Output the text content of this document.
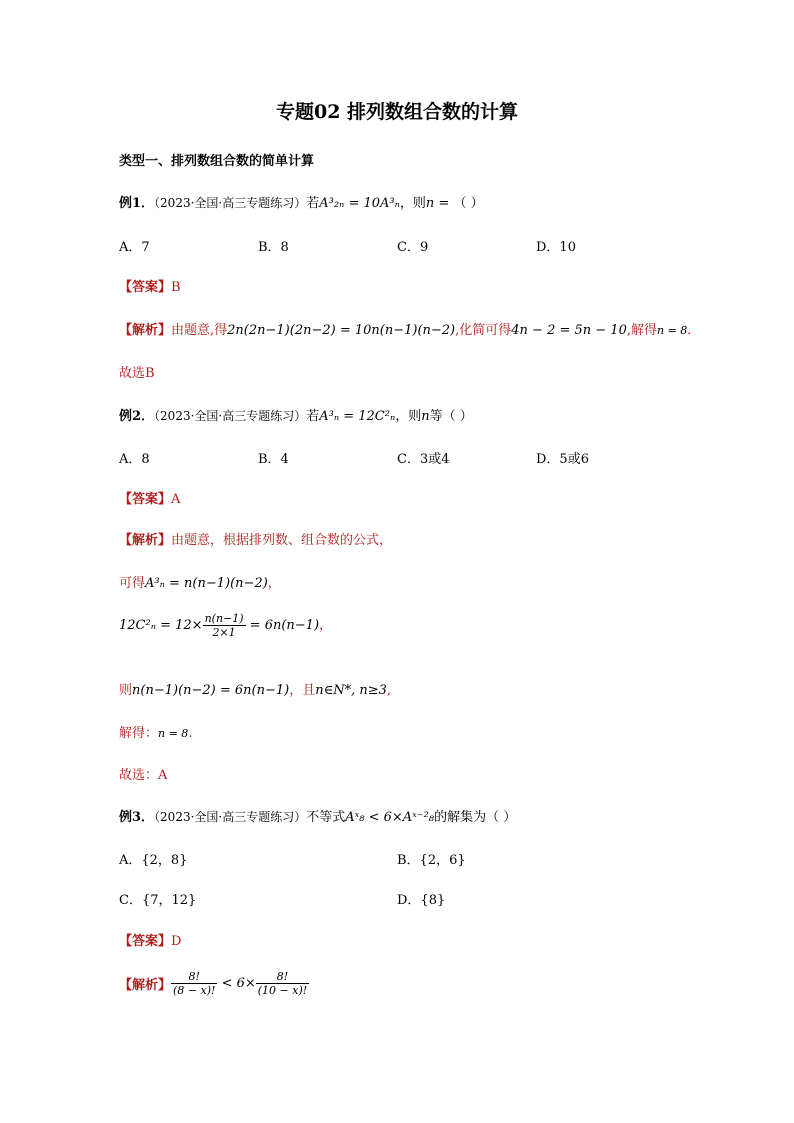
专题02 排列数组合数的计算
类型一、排列数组合数的简单计算
例1．（2023·全国·高三专题练习）若A³₂ₙ = 10A³ₙ，则n = （ ）
A．7	B．8	C．9	D．10
【答案】B
【解析】由题意,得2n(2n−1)(2n−2) = 10n(n−1)(n−2),化简可得4n − 2 = 5n − 10,解得n = 8．
故选B
例2．（2023·全国·高三专题练习）若A³ₙ = 12C²ₙ，则n等（ ）
A．8	B．4	C．3或4	D．5或6
【答案】A
【解析】由题意，根据排列数、组合数的公式，
可得A³ₙ = n(n−1)(n−2)，
$12C^2_n = 12\times \frac{n(n-1)}{2\times 1} = 6n(n-1)$，
则n(n−1)(n−2) = 6n(n−1)，且n∈N*, n≥3,
解得：n = 8.
故选：A
例3．（2023·全国·高三专题练习）不等式Aˣ₈ < 6×Aˣ⁻²₈的解集为（ ）
A．{2，8}	B．{2，6}
C．{7，12}	D．{8}
【答案】D
【解析】 $\frac{8!}{(8 - x)!} < 6\times \frac{8!}{(10 - x)!}$
